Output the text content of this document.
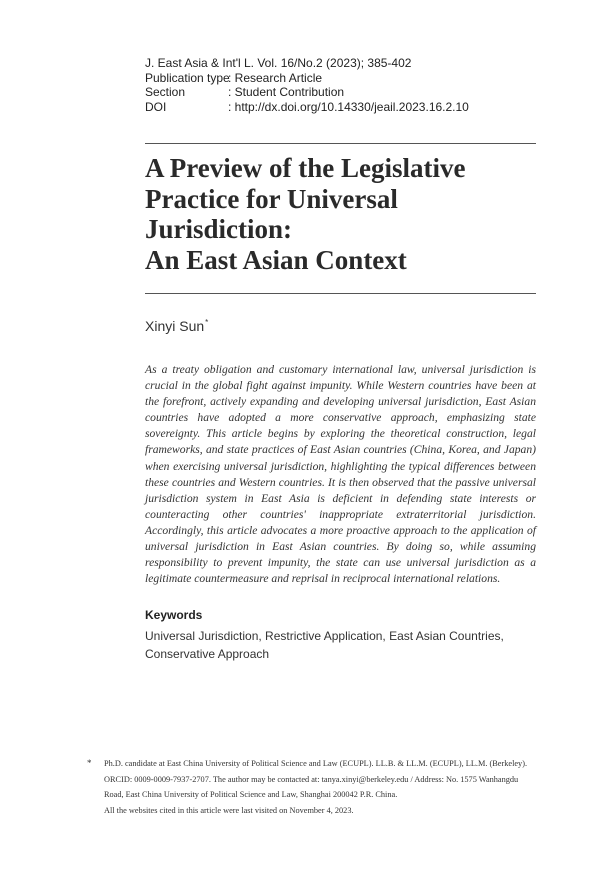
J. East Asia & Int'l L. Vol. 16/No.2 (2023); 385-402
Publication type
: Research Article
Section	: Student Contribution
DOI	: http://dx.doi.org/10.14330/jeail.2023.16.2.10
A Preview of the Legislative
Practice for Universal
Jurisdiction:
An East Asian Context
Xinyi Sun*

As a treaty obligation and customary international law, universal jurisdiction is crucial in the global fight against impunity. While Western countries have been at the forefront, actively expanding and developing universal jurisdiction, East Asian countries have adopted a more conservative approach, emphasizing state sovereignty. This article begins by exploring the theoretical construction, legal frameworks, and state practices of East Asian countries (China, Korea, and Japan) when exercising universal jurisdiction, highlighting the typical differences between these countries and Western countries. It is then observed that the passive universal jurisdiction system in East Asia is deficient in defending state interests or counteracting other countries' inappropriate extraterritorial jurisdiction. Accordingly, this article advocates a more proactive approach to the application of universal jurisdiction in East Asian countries. By doing so, while assuming responsibility to prevent impunity, the state can use universal jurisdiction as a legitimate countermeasure and reprisal in reciprocal international relations.

Keywords

Universal Jurisdiction, Restrictive Application, East Asian Countries, Conservative Approach

* Ph.D. candidate at East China University of Political Science and Law (ECUPL). LL.B. & LL.M. (ECUPL), LL.M. (Berkeley). ORCID: 0009-0009-7937-2707. The author may be contacted at: tanya.xinyi@berkeley.edu / Address: No. 1575 Wanhangdu Road, East China University of Political Science and Law, Shanghai 200042 P.R. China.
All the websites cited in this article were last visited on November 4, 2023.
